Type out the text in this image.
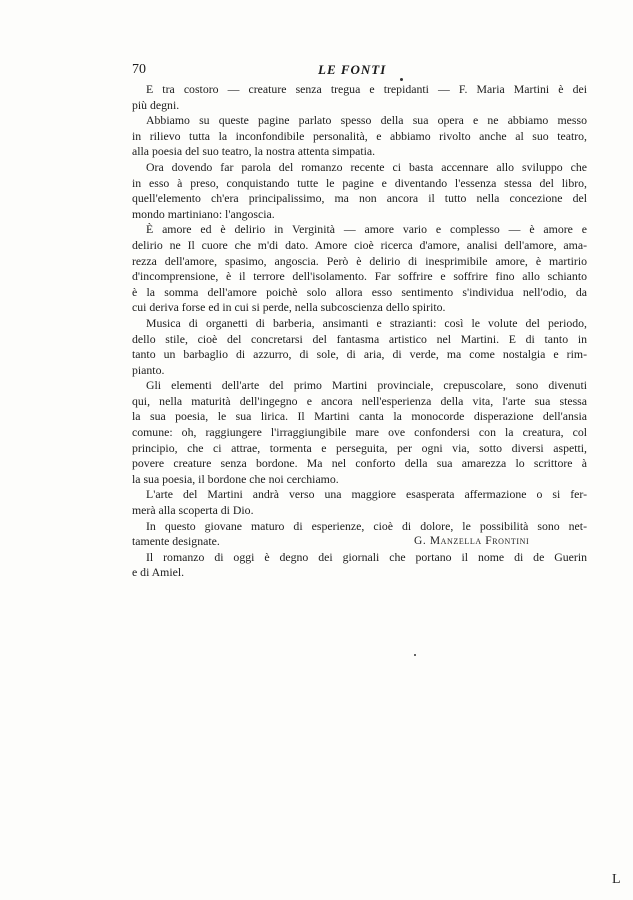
70	LE FONTI
E tra costoro — creature senza tregua e trepidanti — F. Maria Martini è dei
più degni.
Abbiamo su queste pagine parlato spesso della sua opera e ne abbiamo messo
in rilievo tutta la inconfondibile personalità, e abbiamo rivolto anche al suo teatro,
alla poesia del suo teatro, la nostra attenta simpatia.
Ora dovendo far parola del romanzo recente ci basta accennare allo sviluppo che
in esso à preso, conquistando tutte le pagine e diventando l'essenza stessa del libro,
quell'elemento ch'era principalissimo, ma non ancora il tutto nella concezione del
mondo martiniano: l'angoscia.
È amore ed è delirio in Verginità — amore vario e complesso — è amore e
delirio ne Il cuore che m'di dato. Amore cioè ricerca d'amore, analisi dell'amore, ama-
rezza dell'amore, spasimo, angoscia. Però è delirio di inesprimibile amore, è martirio
d'incomprensione, è il terrore dell'isolamento. Far soffrire e soffrire fino allo schianto
è la somma dell'amore poichè solo allora esso sentimento s'individua nell'odio, da
cui deriva forse ed in cui si perde, nella subcoscienza dello spirito.
Musica di organetti di barberia, ansimanti e straziantі: così le volute del periodo,
dello stile, cioè del concretarsi del fantasma artistico nel Martini. E di tanto in
tanto un barbaglio di azzurro, di sole, di aria, di verde, ma come nostalgia e rim-
pianto.
Gli elementi dell'arte del primo Martini provinciale, crepuscolare, sono divenuti
qui, nella maturità dell'ingegno e ancora nell'esperienza della vita, l'arte sua stessa
la sua poesia, le sua lirica. Il Martini canta la monocorde disperazione dell'ansia
comune: oh, raggiungere l'irraggiungibile mare ove confondersi con la creatura, col
principio, che ci attrae, tormenta e perseguita, per ogni via, sotto diversi aspetti,
povere creature senza bordone. Ma nel conforto della sua amarezza lo scrittore à
la sua poesia, il bordone che noi cerchiamo.
L'arte del Martini andrà verso una maggiore esasperata affermazione o si fer-
merà alla scoperta di Dio.
In questo giovane maturo di esperienze, ciоè di dolore, le possibilità sono net-
tamente designate.
Il romanzo di oggi è degno dei giornali che portano il nome di de Guerin
e di Amiel.
G. Manzella Frontini
L
